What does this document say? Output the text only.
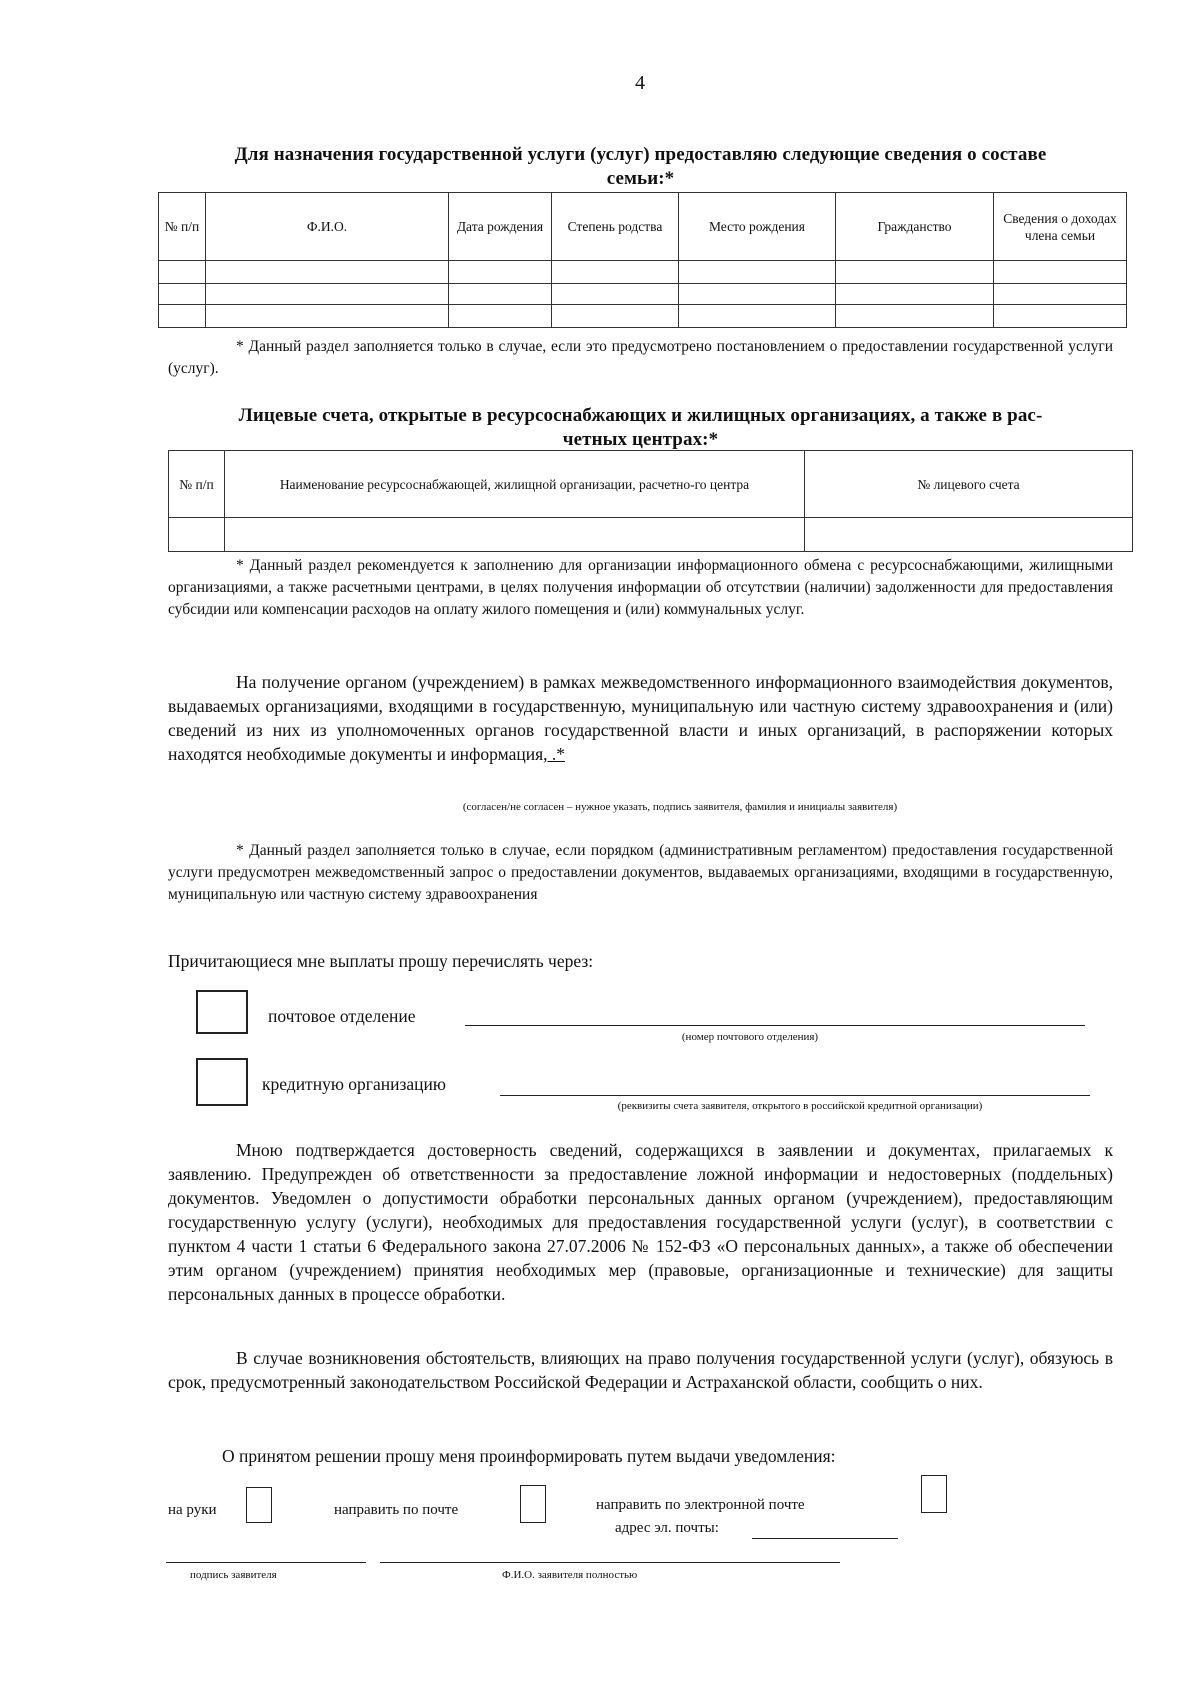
4
Для назначения государственной услуги (услуг) предоставляю следующие сведения о составе
семьи:*
№ п/п	Ф.И.О.	Дата рождения	Степень родства	Место рождения	Гражданство	Сведения о доходах члена семьи

* Данный раздел заполняется только в случае, если это предусмотрено постановлением о предоставлении государственной услуги (услуг).

Лицевые счета, открытые в ресурсоснабжающих и жилищных организациях, а также в рас-
четных центрах:*
№ п/п	Наименование ресурсоснабжающей, жилищной организации, расчетно-го центра	№ лицевого счета

* Данный раздел рекомендуется к заполнению для организации информационного обмена с ресурсоснабжающими, жилищными организациями, а также расчетными центрами, в целях получения информации об отсутствии (наличии) задолженности для предоставления субсидии или компенсации расходов на оплату жилого помещения и (или) коммунальных услуг.

На получение органом (учреждением) в рамках межведомственного информационного взаимодействия документов, выдаваемых организациями, входящими в государственную, муниципальную или частную систему здравоохранения и (или) сведений из них из уполномоченных органов государственной власти и иных организаций, в распоряжении которых находятся необходимые документы и информация, .*

(согласен/не согласен – нужное указать, подпись заявителя, фамилия и инициалы заявителя)

* Данный раздел заполняется только в случае, если порядком (административным регламентом) предоставления государственной услуги предусмотрен межведомственный запрос о предоставлении документов, выдаваемых организациями, входящими в государственную, муниципальную или частную систему здравоохранения

Причитающиеся мне выплаты прошу перечислять через:
почтовое отделение
(номер почтового отделения)
кредитную организацию
(реквизиты счета заявителя, открытого в российской кредитной организации)

Мною подтверждается достоверность сведений, содержащихся в заявлении и документах, прилагаемых к заявлению. Предупрежден об ответственности за предоставление ложной информации и недостоверных (поддельных) документов. Уведомлен о допустимости обработки персональных данных органом (учреждением), предоставляющим государственную услугу (услуги), необходимых для предоставления государственной услуги (услуг), в соответствии с пунктом 4 части 1 статьи 6 Федерального закона 27.07.2006 № 152-ФЗ «О персональных данных», а также об обеспечении этим органом (учреждением) принятия необходимых мер (правовые, организационные и технические) для защиты персональных данных в процессе обработки.

В случае возникновения обстоятельств, влияющих на право получения государственной услуги (услуг), обязуюсь в срок, предусмотренный законодательством Российской Федерации и Астраханской области, сообщить о них.

О принятом решении прошу меня проинформировать путем выдачи уведомления:
на руки	направить по почте	направить по электронной почте
адрес эл. почты:
подпись заявителя	Ф.И.О. заявителя полностью
